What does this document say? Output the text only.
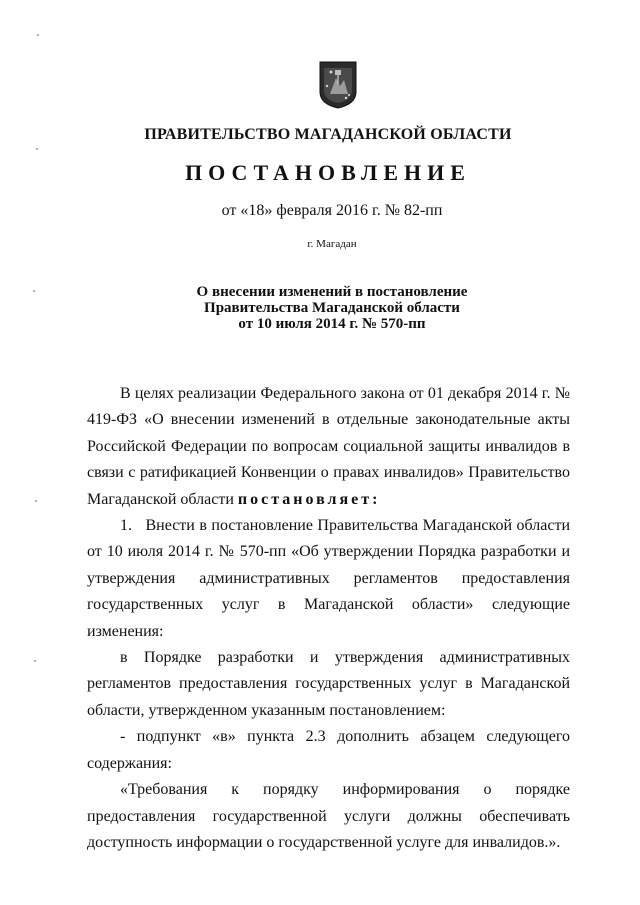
ПРАВИТЕЛЬСТВО МАГАДАНСКОЙ ОБЛАСТИ
ПОСТАНОВЛЕНИЕ
от «18» февраля 2016 г. № 82-пп
г. Магадан
О внесении изменений в постановление
Правительства Магаданской области
от 10 июля 2014 г. № 570-пп

В целях реализации Федерального закона от 01 декабря 2014 г. № 419-ФЗ «О внесении изменений в отдельные законодательные акты Российской Федерации по вопросам социальной защиты инвалидов в связи с ратификацией Конвенции о правах инвалидов» Правительство Магаданской области постановляет:

1.   Внести в постановление Правительства Магаданской области от 10 июля 2014 г. № 570-пп «Об утверждении Порядка разработки и утверждения административных регламентов предоставления государственных услуг в Магаданской области» следующие изменения:

в Порядке разработки и утверждения административных регламентов предоставления государственных услуг в Магаданской области, утвержденном указанным постановлением:

- подпункт «в» пункта 2.3 дополнить абзацем следующего содержания:

«Требования к порядку информирования о порядке предоставления государственной услуги должны обеспечивать доступность информации о государственной услуге для инвалидов.».
